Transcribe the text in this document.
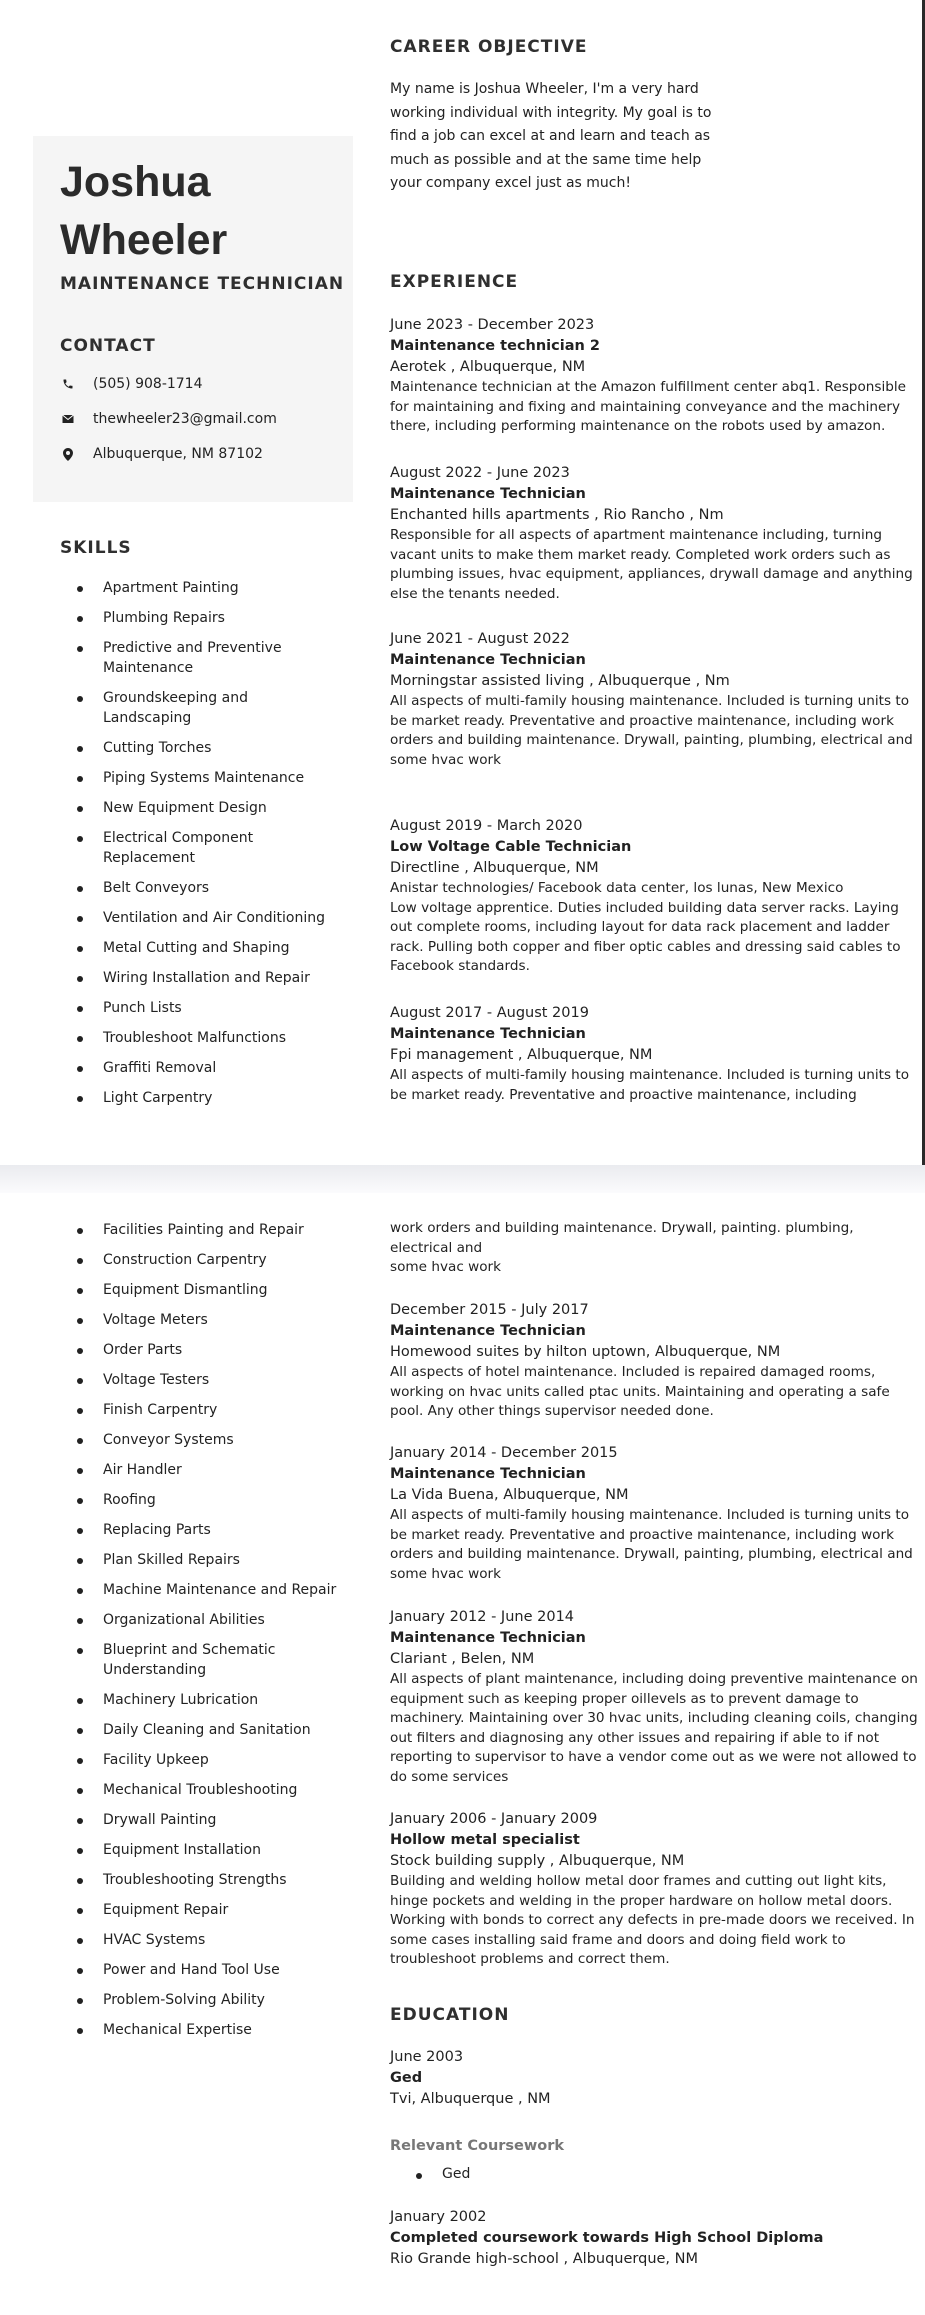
Joshua
Wheeler
MAINTENANCE TECHNICIAN
CONTACT
(505) 908-1714
thewheeler23@gmail.com
Albuquerque, NM 87102
SKILLS
Apartment Painting
Plumbing Repairs
Predictive and Preventive Maintenance
Groundskeeping and Landscaping
Cutting Torches
Piping Systems Maintenance
New Equipment Design
Electrical Component Replacement
Belt Conveyors
Ventilation and Air Conditioning
Metal Cutting and Shaping
Wiring Installation and Repair
Punch Lists
Troubleshoot Malfunctions
Graffiti Removal
Light Carpentry
CAREER OBJECTIVE
My name is Joshua Wheeler, I'm a very hard working individual with integrity. My goal is to find a job can excel at and learn and teach as much as possible and at the same time help your company excel just as much!
EXPERIENCE
June 2023 - December 2023
Maintenance technician 2
Aerotek , Albuquerque, NM
Maintenance technician at the Amazon fulfillment center abq1. Responsible for maintaining and fixing and maintaining conveyance and the machinery there, including performing maintenance on the robots used by amazon.
August 2022 - June 2023
Maintenance Technician
Enchanted hills apartments , Rio Rancho , Nm
Responsible for all aspects of apartment maintenance including, turning vacant units to make them market ready. Completed work orders such as plumbing issues, hvac equipment, appliances, drywall damage and anything else the tenants needed.
June 2021 - August 2022
Maintenance Technician
Morningstar assisted living , Albuquerque , Nm
All aspects of multi-family housing maintenance. Included is turning units to be market ready. Preventative and proactive maintenance, including work orders and building maintenance. Drywall, painting, plumbing, electrical and
some hvac work
August 2019 - March 2020
Low Voltage Cable Technician
Directline , Albuquerque, NM
Anistar technologies/ Facebook data center, los lunas, New Mexico
Low voltage apprentice. Duties included building data server racks. Laying out complete rooms, including layout for data rack placement and ladder rack. Pulling both copper and fiber optic cables and dressing said cables to Facebook standards.
August 2017 - August 2019
Maintenance Technician
Fpi management , Albuquerque, NM
All aspects of multi-family housing maintenance. Included is turning units to be market ready. Preventative and proactive maintenance, including
Facilities Painting and Repair
Construction Carpentry
Equipment Dismantling
Voltage Meters
Order Parts
Voltage Testers
Finish Carpentry
Conveyor Systems
Air Handler
Roofing
Replacing Parts
Plan Skilled Repairs
Machine Maintenance and Repair
Organizational Abilities
Blueprint and Schematic Understanding
Machinery Lubrication
Daily Cleaning and Sanitation
Facility Upkeep
Mechanical Troubleshooting
Drywall Painting
Equipment Installation
Troubleshooting Strengths
Equipment Repair
HVAC Systems
Power and Hand Tool Use
Problem-Solving Ability
Mechanical Expertise
work orders and building maintenance. Drywall, painting. plumbing, electrical and
some hvac work
December 2015 - July 2017
Maintenance Technician
Homewood suites by hilton uptown, Albuquerque, NM
All aspects of hotel maintenance. Included is repaired damaged rooms, working on hvac units called ptac units. Maintaining and operating a safe pool. Any other things supervisor needed done.
January 2014 - December 2015
Maintenance Technician
La Vida Buena, Albuquerque, NM
All aspects of multi-family housing maintenance. Included is turning units to be market ready. Preventative and proactive maintenance, including work orders and building maintenance. Drywall, painting, plumbing, electrical and some hvac work
January 2012 - June 2014
Maintenance Technician
Clariant , Belen, NM
All aspects of plant maintenance, including doing preventive maintenance on equipment such as keeping proper oillevels as to prevent damage to machinery. Maintaining over 30 hvac units, including cleaning coils, changing out filters and diagnosing any other issues and repairing if able to if not reporting to supervisor to have a vendor come out as we were not allowed to do some services
January 2006 - January 2009
Hollow metal specialist
Stock building supply , Albuquerque, NM
Building and welding hollow metal door frames and cutting out light kits, hinge pockets and welding in the proper hardware on hollow metal doors. Working with bonds to correct any defects in pre-made doors we received. In some cases installing said frame and doors and doing field work to troubleshoot problems and correct them.
EDUCATION
June 2003
Ged
Tvi, Albuquerque , NM
Relevant Coursework
Ged
January 2002
Completed coursework towards High School Diploma
Rio Grande high-school , Albuquerque, NM
